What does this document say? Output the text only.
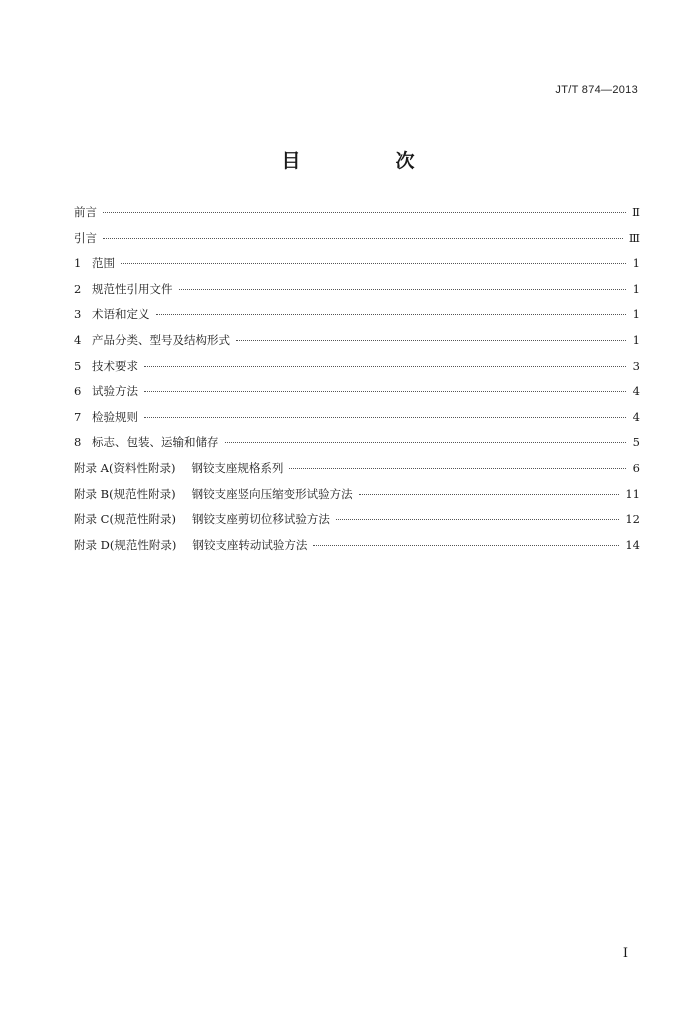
JT/T 874—2013
目　次
前言	Ⅱ
引言	Ⅲ
1 范围	1
2 规范性引用文件	1
3 术语和定义	1
4 产品分类、型号及结构形式	1
5 技术要求	3
6 试验方法	4
7 检验规则	4
8 标志、包装、运输和储存	5
附录 A(资料性附录) 钢铰支座规格系列	6
附录 B(规范性附录) 钢铰支座竖向压缩变形试验方法	11
附录 C(规范性附录) 钢铰支座剪切位移试验方法	12
附录 D(规范性附录) 钢铰支座转动试验方法	14
Ⅰ
